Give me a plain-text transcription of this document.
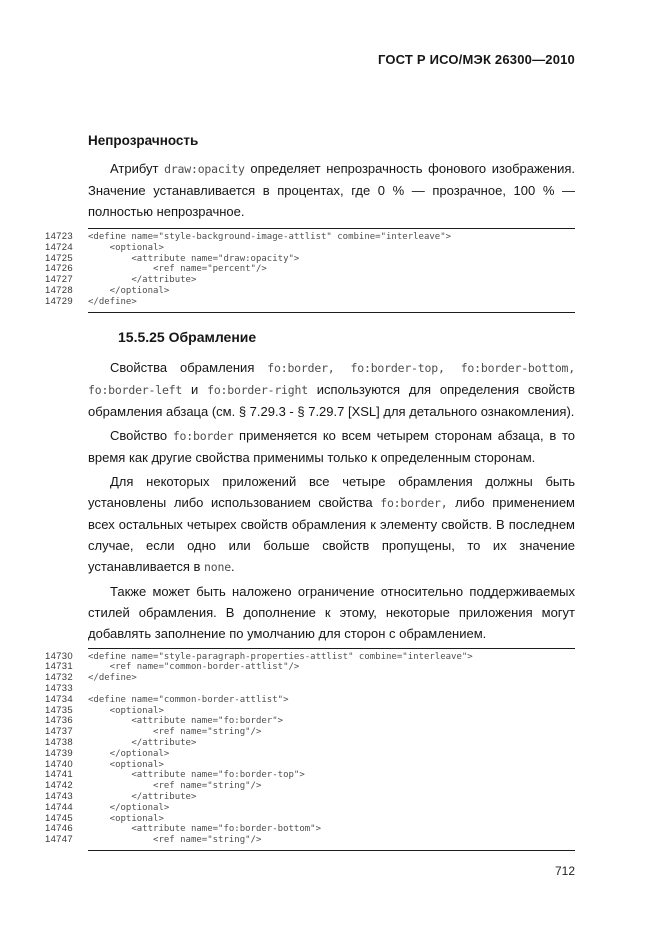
ГОСТ Р ИСО/МЭК 26300—2010
Непрозрачность

Атрибут draw:opacity определяет непрозрачность фонового изображения. Значение устанавливается в процентах, где 0 % — прозрачное, 100 % — полностью непрозрачное.

14723 <define name="style-background-image-attlist" combine="interleave">
14724 <optional>
14725 <attribute name="draw:opacity">
14726 <ref name="percent"/>
14727 </attribute>
14728 </optional>
14729 </define>
15.5.25 Обрамление

Свойства обрамления fo:border, fo:border-top, fo:border-bottom, fo:border-left и fo:border-right используются для определения свойств обрамления абзаца (см. § 7.29.3 - § 7.29.7 [XSL] для детального ознакомления).

Свойство fo:border применяется ко всем четырем сторонам абзаца, в то время как другие свойства применимы только к определенным сторонам.

Для некоторых приложений все четыре обрамления должны быть установлены либо использованием свойства fo:border, либо применением всех остальных четырех свойств обрамления к элементу свойств. В последнем случае, если одно или больше свойств пропущены, то их значение устанавливается в none.

Также может быть наложено ограничение относительно поддерживаемых стилей обрамления. В дополнение к этому, некоторые приложения могут добавлять заполнение по умолчанию для сторон с обрамлением.

14730 <define name="style-paragraph-properties-attlist" combine="interleave">
14731 <ref name="common-border-attlist"/>
14732 </define>
14733
14734 <define name="common-border-attlist">
14735 <optional>
14736 <attribute name="fo:border">
14737 <ref name="string"/>
14738 </attribute>
14739 </optional>
14740 <optional>
14741 <attribute name="fo:border-top">
14742 <ref name="string"/>
14743 </attribute>
14744 </optional>
14745 <optional>
14746 <attribute name="fo:border-bottom">
14747 <ref name="string"/>
712
